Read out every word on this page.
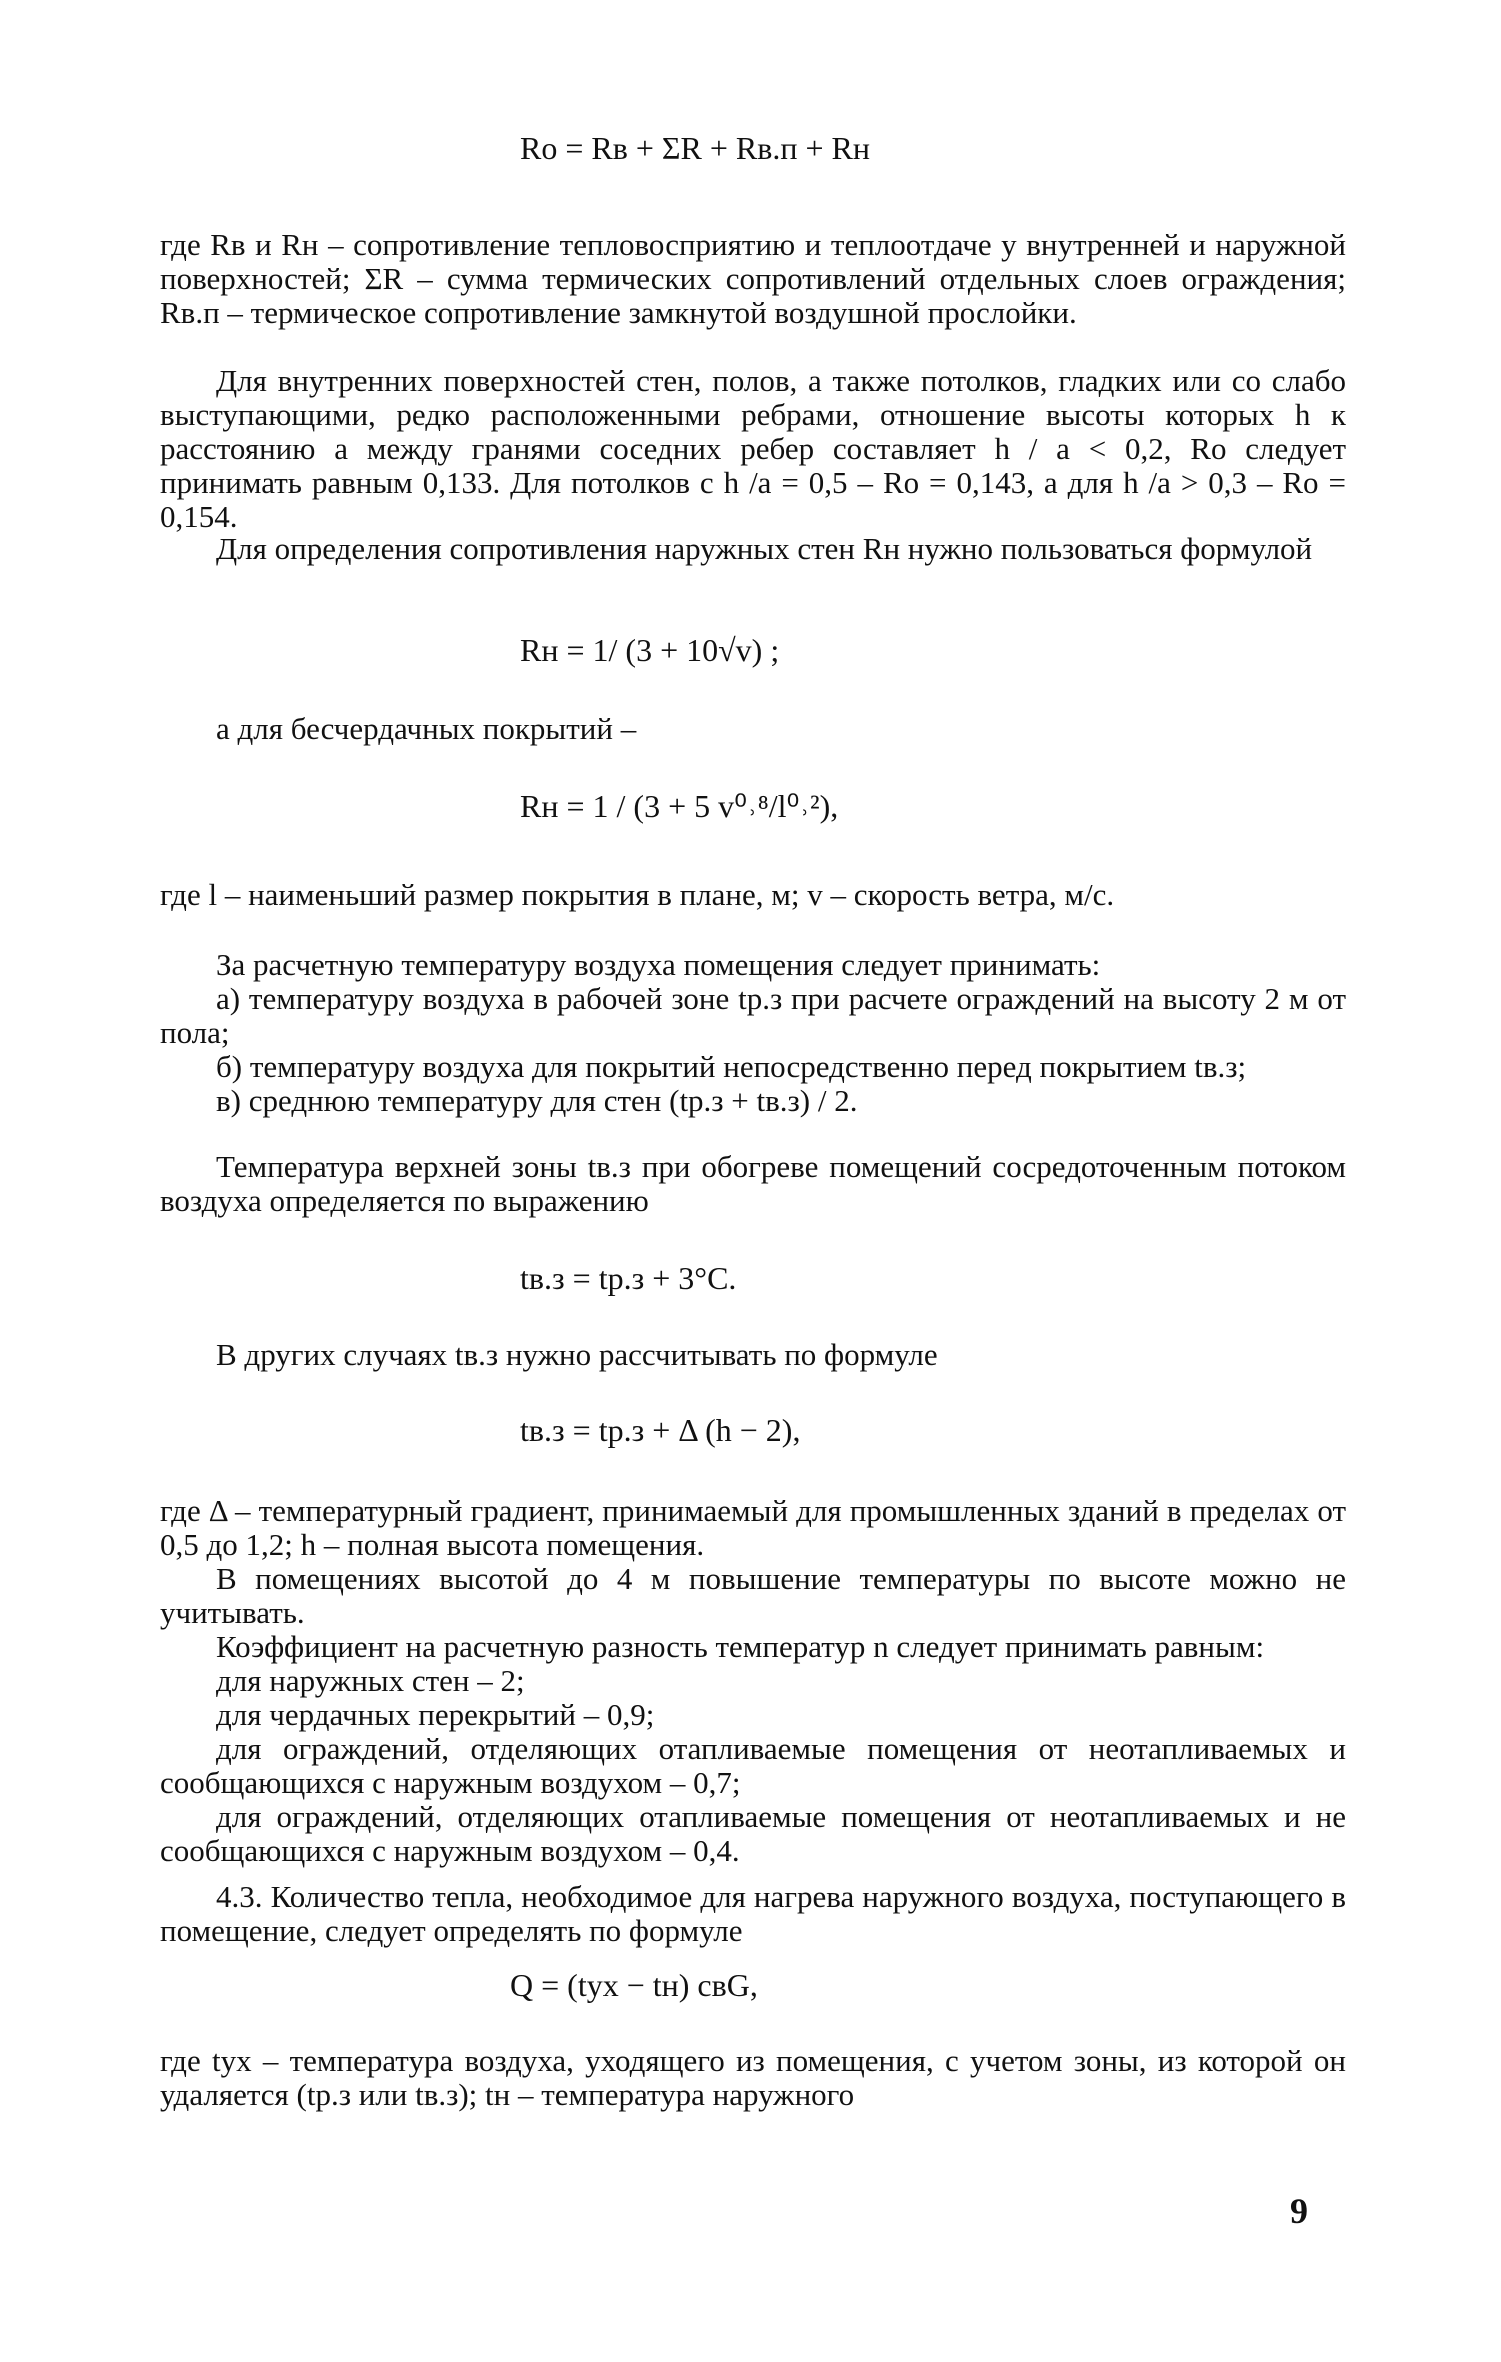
Rо = Rв + ΣR + Rв.п + Rн

где Rв и Rн – сопротивление тепловосприятию и теплоотдаче у внутренней и наружной поверхностей; ΣR – сумма термических сопротивлений отдельных слоев ограждения; Rв.п – термическое сопротивление замкнутой воздушной прослойки.

Для внутренних поверхностей стен, полов, а также потолков, гладких или со слабо выступающими, редко расположенными ребрами, отношение высоты которых h к расстоянию a между гранями соседних ребер составляет h / a < 0,2, Rо следует принимать равным 0,133. Для потолков с h /a = 0,5 – Rо = 0,143, а для h /a > 0,3 – Rо = 0,154.

Для определения сопротивления наружных стен Rн нужно пользоваться формулой

Rн = 1/ (3 + 10√v) ;

а для бесчердачных покрытий –

Rн = 1 / (3 + 5 v⁰˒⁸/l⁰˒²),

где l – наименьший размер покрытия в плане, м; v – скорость ветра, м/с.

За расчетную температуру воздуха помещения следует принимать:

а) температуру воздуха в рабочей зоне tр.з при расчете ограждений на высоту 2 м от пола;

б) температуру воздуха для покрытий непосредственно перед покрытием tв.з;

в) среднюю температуру для стен (tр.з + tв.з) / 2.

Температура верхней зоны tв.з при обогреве помещений сосредоточенным потоком воздуха определяется по выражению

tв.з = tр.з + 3°C.

В других случаях tв.з нужно рассчитывать по формуле

tв.з = tр.з + Δ (h − 2),

где Δ – температурный градиент, принимаемый для промышленных зданий в пределах от 0,5 до 1,2; h – полная высота помещения.

В помещениях высотой до 4 м повышение температуры по высоте можно не учитывать.

Коэффициент на расчетную разность температур n следует принимать равным:

для наружных стен – 2;

для чердачных перекрытий – 0,9;

для ограждений, отделяющих отапливаемые помещения от неотапливаемых и сообщающихся с наружным воздухом – 0,7;

для ограждений, отделяющих отапливаемые помещения от неотапливаемых и не сообщающихся с наружным воздухом – 0,4.

4.3. Количество тепла, необходимое для нагрева наружного воздуха, поступающего в помещение, следует определять по формуле

Q = (tух − tн) cвG,

где tух – температура воздуха, уходящего из помещения, с учетом зоны, из которой он удаляется (tр.з или tв.з); tн – температура наружного

9
